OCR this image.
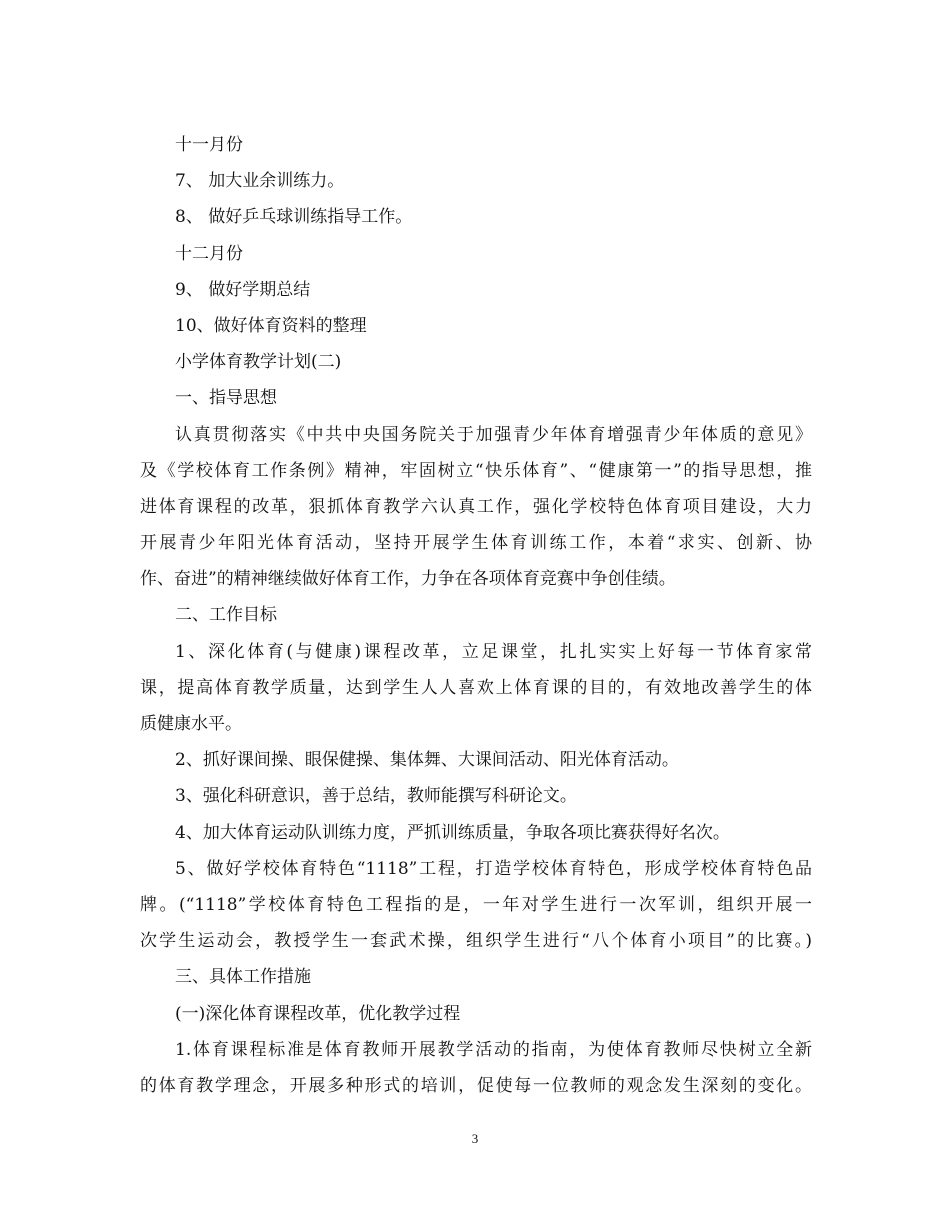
十一月份
7、 加大业余训练力。
8、 做好乒乓球训练指导工作。
十二月份
9、 做好学期总结
10、做好体育资料的整理
小学体育教学计划(二)
一、指导思想
认真贯彻落实《中共中央国务院关于加强青少年体育增强青少年体质的意见》
及《学校体育工作条例》精神，牢固树立“快乐体育”、“健康第一”的指导思想，推
进体育课程的改革，狠抓体育教学六认真工作，强化学校特色体育项目建设，大力
开展青少年阳光体育活动，坚持开展学生体育训练工作，本着“求实、创新、协
作、奋进”的精神继续做好体育工作，力争在各项体育竞赛中争创佳绩。
二、工作目标
1、深化体育(与健康)课程改革，立足课堂，扎扎实实上好每一节体育家常
课，提高体育教学质量，达到学生人人喜欢上体育课的目的，有效地改善学生的体
质健康水平。
2、抓好课间操、眼保健操、集体舞、大课间活动、阳光体育活动。
3、强化科研意识，善于总结，教师能撰写科研论文。
4、加大体育运动队训练力度，严抓训练质量，争取各项比赛获得好名次。
5、做好学校体育特色“1118”工程，打造学校体育特色，形成学校体育特色品
牌。(“1118”学校体育特色工程指的是，一年对学生进行一次军训，组织开展一
次学生运动会，教授学生一套武术操，组织学生进行“八个体育小项目”的比赛。)
三、具体工作措施
(一)深化体育课程改革，优化教学过程
1.体育课程标准是体育教师开展教学活动的指南，为使体育教师尽快树立全新
的体育教学理念，开展多种形式的培训，促使每一位教师的观念发生深刻的变化。
3
